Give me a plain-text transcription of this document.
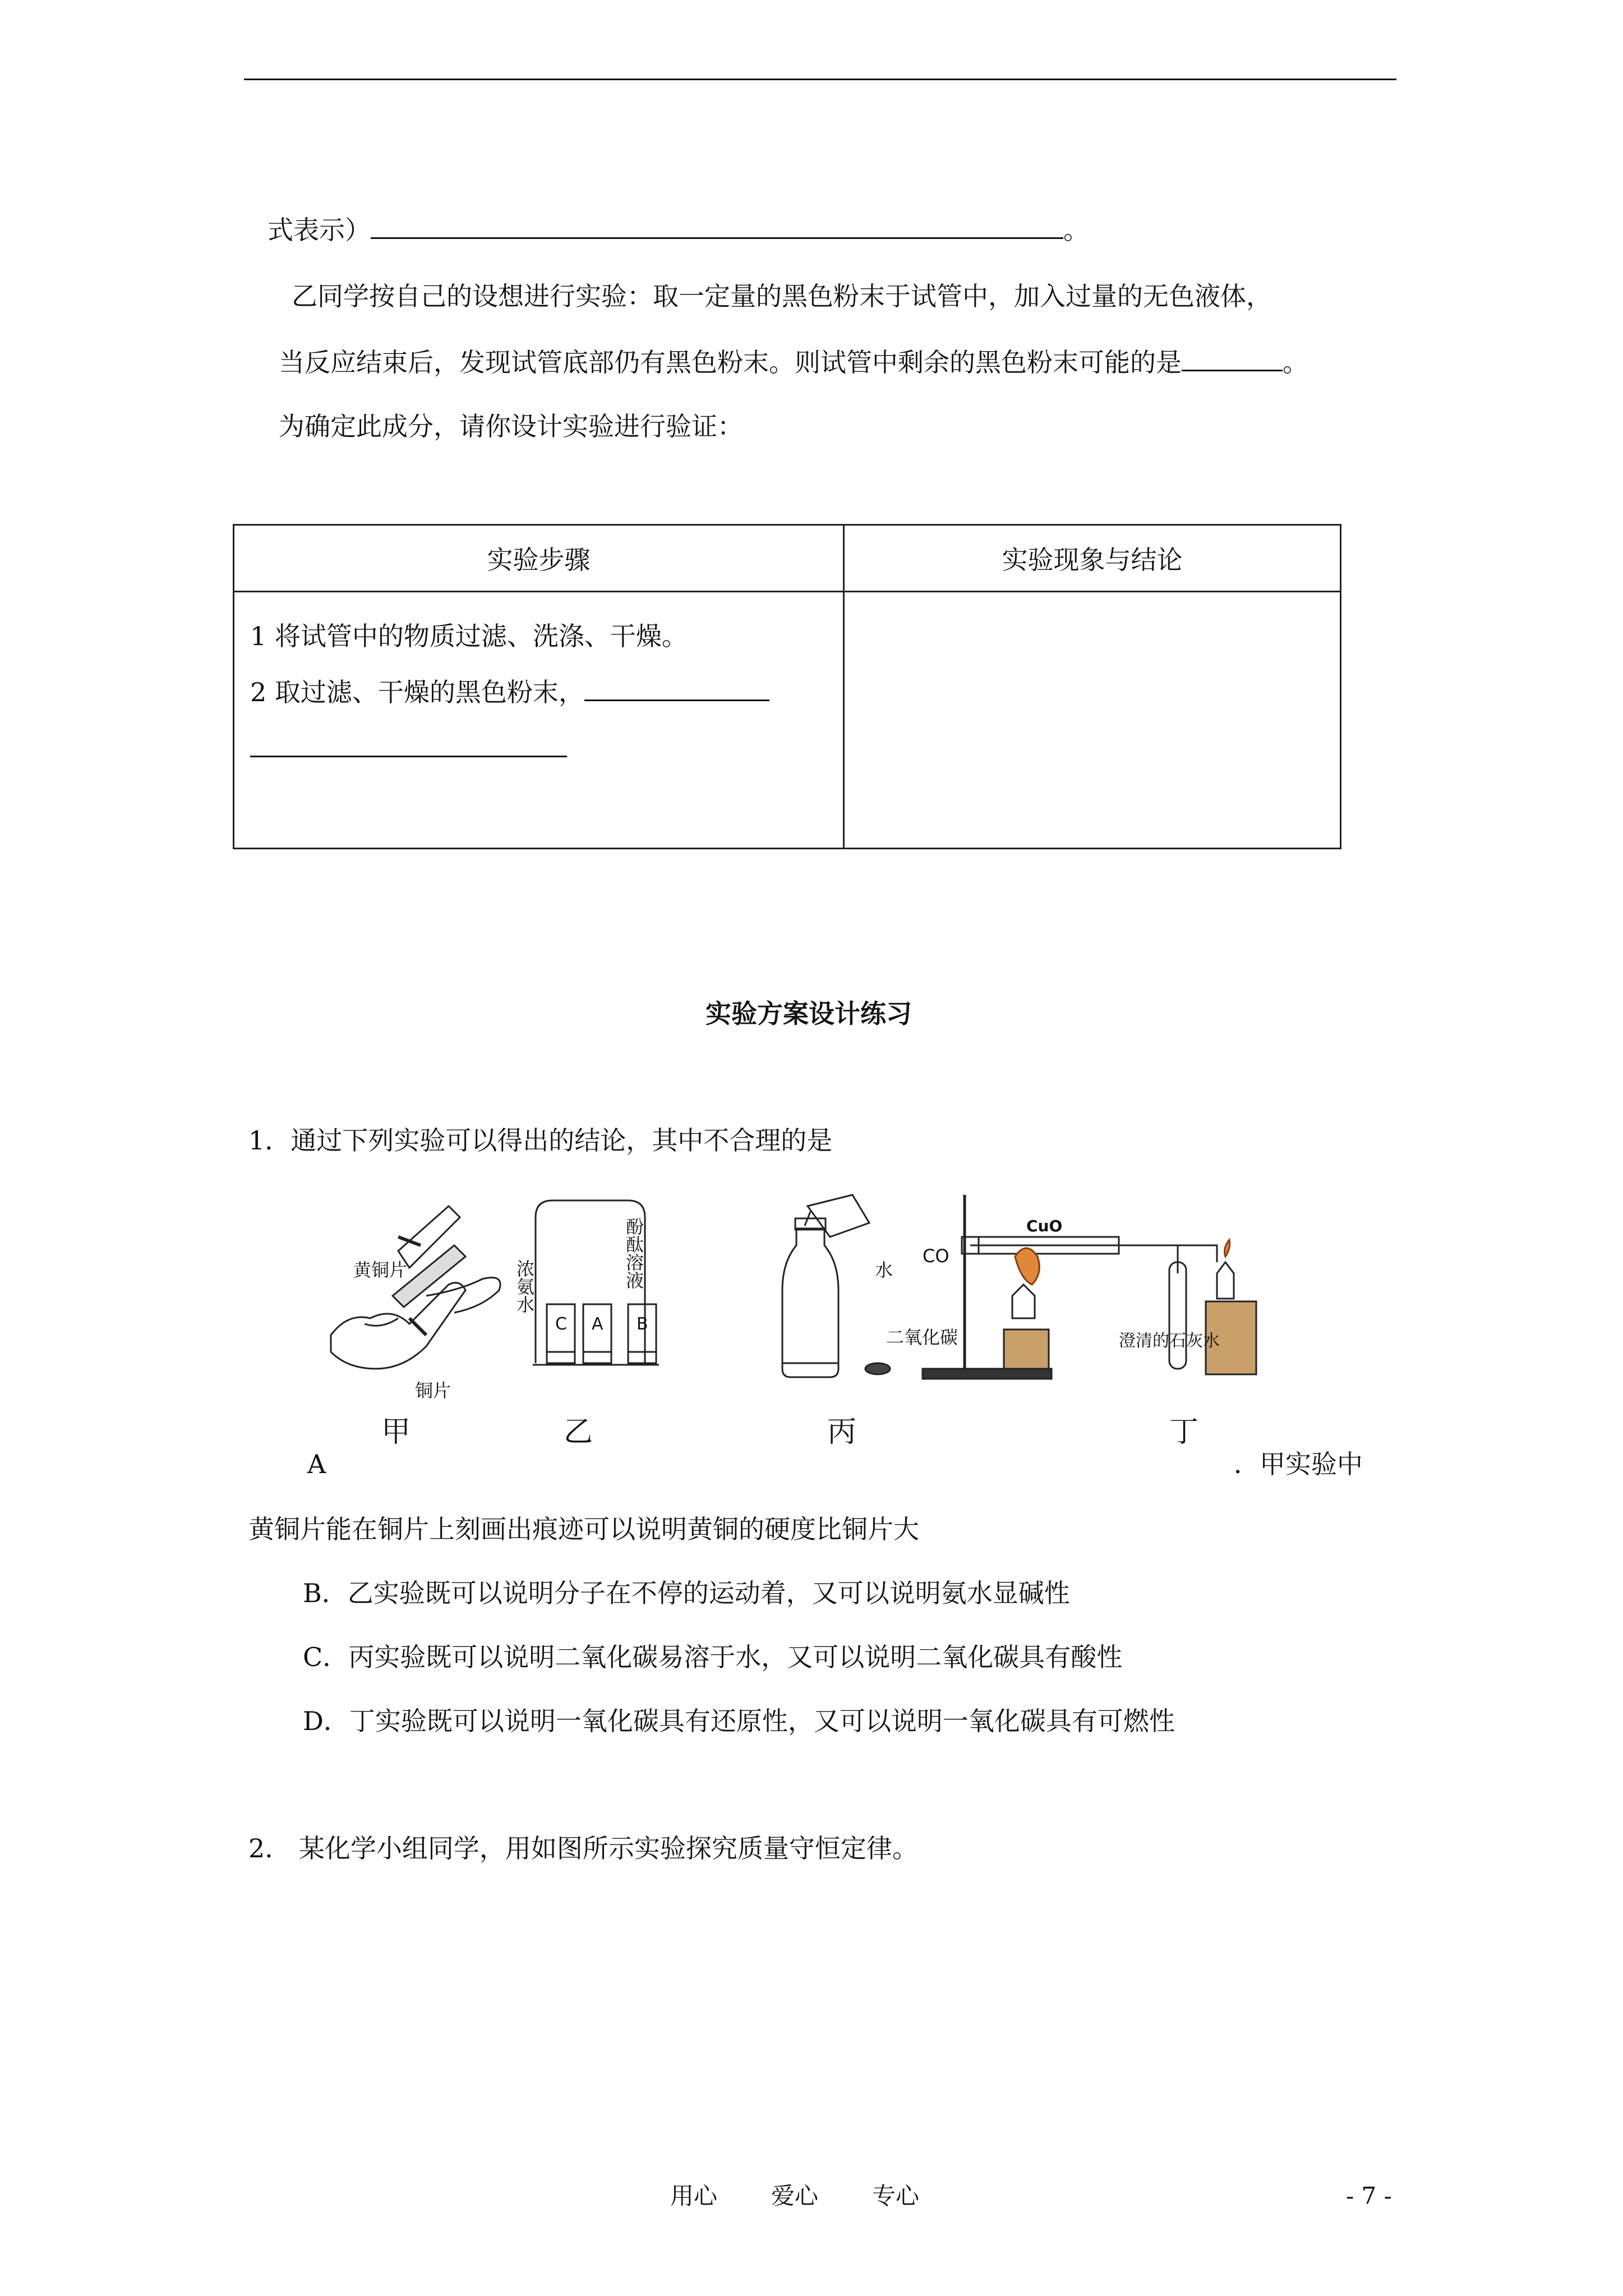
式表示）	。
乙同学按自己的设想进行实验：取一定量的黑色粉末于试管中，加入过量的无色液体，
当反应结束后，发现试管底部仍有黑色粉末。则试管中剩余的黑色粉末可能的是	。
为确定此成分，请你设计实验进行验证：
实验步骤	实验现象与结论

1 将试管中的物质过滤、洗涤、干燥。
2 取过滤、干燥的黑色粉末，	

实验方案设计练习
1．通过下列实验可以得出的结论，其中不合理的是
黄铜片
铜片
浓氨水	酚酞溶液
C A B
水
二氧化碳
CO
CuO
澄清的石灰水
甲	乙	丙	丁
A	．甲实验中
黄铜片能在铜片上刻画出痕迹可以说明黄铜的硬度比铜片大
B．乙实验既可以说明分子在不停的运动着，又可以说明氨水显碱性
C．丙实验既可以说明二氧化碳易溶于水，又可以说明二氧化碳具有酸性
D．丁实验既可以说明一氧化碳具有还原性，又可以说明一氧化碳具有可燃性
2． 某化学小组同学，用如图所示实验探究质量守恒定律。
用心 爱心 专心	- 7 -
